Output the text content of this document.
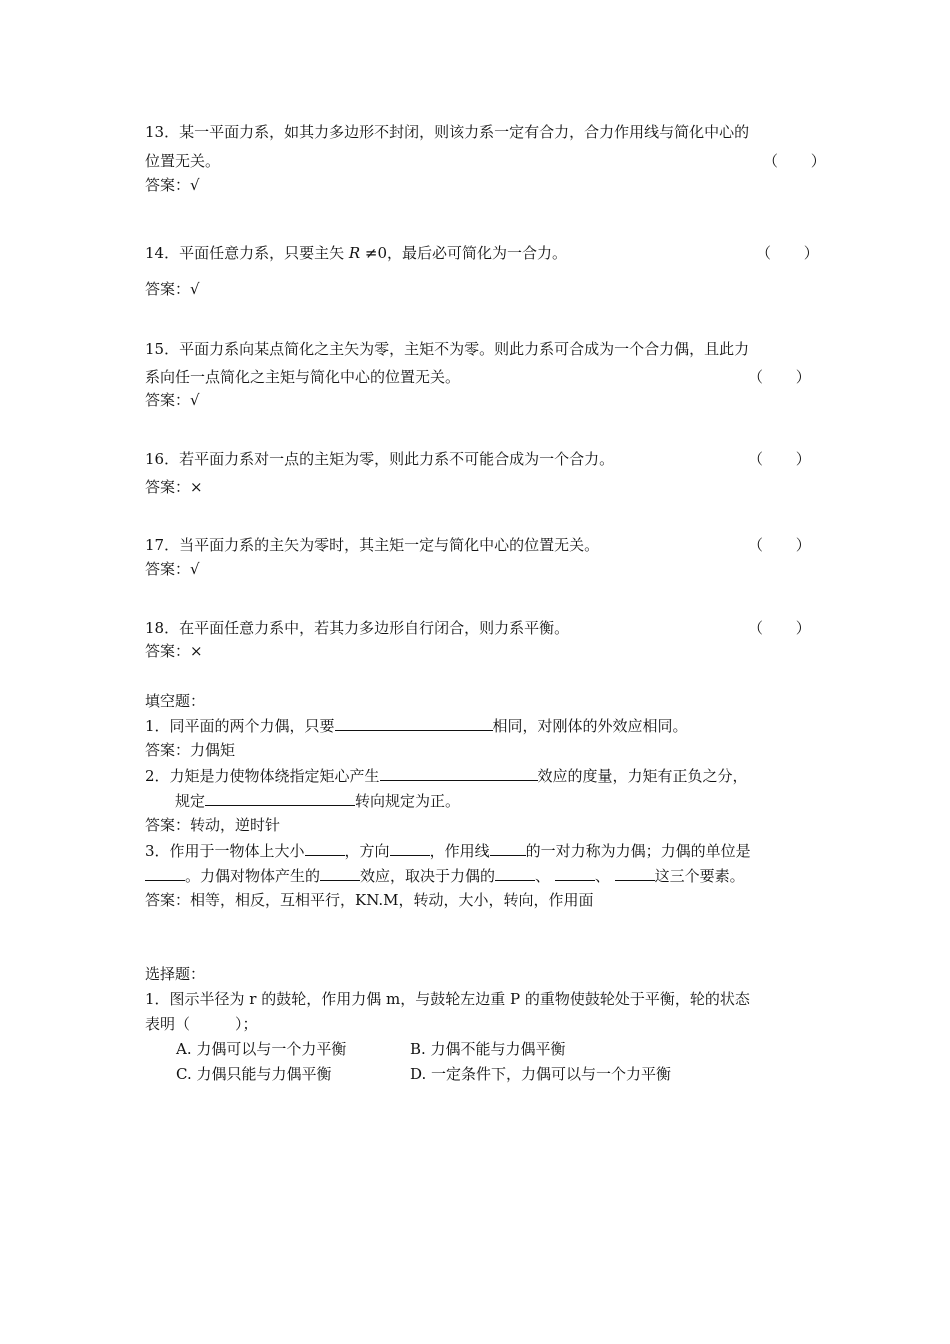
13．某一平面力系，如其力多边形不封闭，则该力系一定有合力，合力作用线与简化中心的
位置无关。	（ ）
答案：√
14．平面任意力系，只要主矢 R ≠0，最后必可简化为一合力。	（ ）
答案：√
15．平面力系向某点简化之主矢为零，主矩不为零。则此力系可合成为一个合力偶，且此力
系向任一点简化之主矩与简化中心的位置无关。	（ ）
答案：√
16．若平面力系对一点的主矩为零，则此力系不可能合成为一个合力。	（ ）
答案：×
17．当平面力系的主矢为零时，其主矩一定与简化中心的位置无关。	（ ）
答案：√
18．在平面任意力系中，若其力多边形自行闭合，则力系平衡。	（ ）
答案：×
填空题：
1．同平面的两个力偶，只要	相同，对刚体的外效应相同。
答案：力偶矩
2．力矩是力使物体绕指定矩心产生	效应的度量，力矩有正负之分，
规定	转向规定为正。
答案：转动，逆时针
3．作用于一物体上大小	，方向	，作用线 的一对力称为力偶；力偶的单位是
。力偶对物体产生的	效应，取决于力偶的	、	、	这三个要素。
答案：相等，相反，互相平行，KN.M，转动，大小，转向，作用面
选择题：
1．图示半径为 r 的鼓轮，作用力偶 m，与鼓轮左边重 P 的重物使鼓轮处于平衡，轮的状态
表明（　　　）；
A. 力偶可以与一个力平衡	B. 力偶不能与力偶平衡
C. 力偶只能与力偶平衡	D. 一定条件下，力偶可以与一个力平衡
